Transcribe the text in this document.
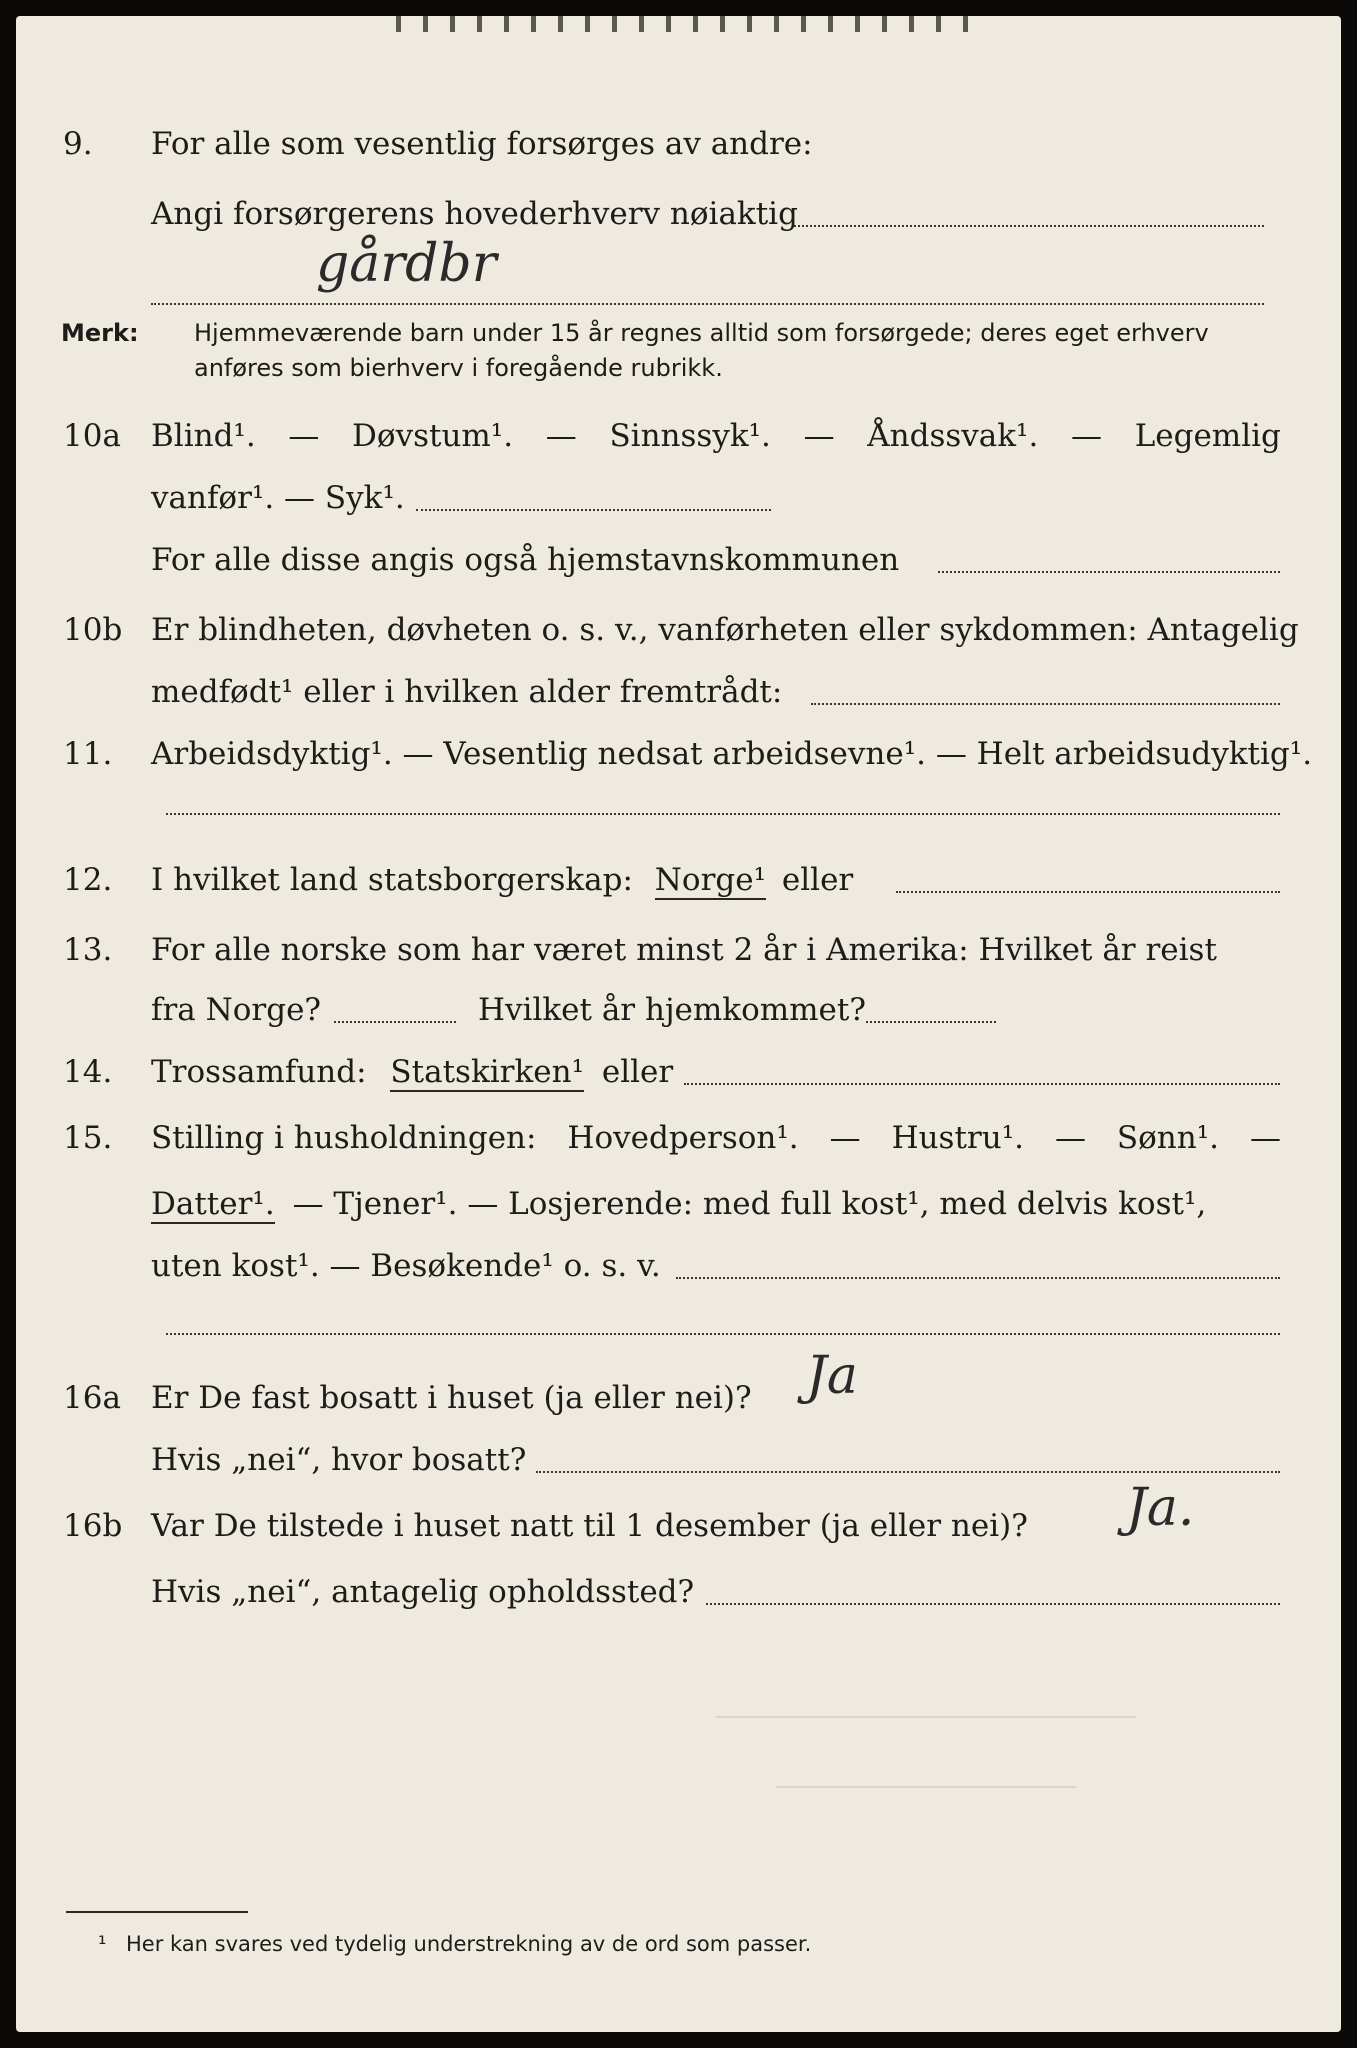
9. For alle som vesentlig forsørges av andre:
Angi forsørgerens hovederhverv nøiaktig
gårdbr
Merk: Hjemmeværende barn under 15 år regnes alltid som forsørgede; deres eget erhverv
anføres som bierhverv i foregående rubrikk.
10a Blind¹. — Døvstum¹. — Sinnssyk¹. — Åndssvak¹. — Legemlig
vanfør¹. — Syk¹.
For alle disse angis også hjemstavnskommunen
10b Er blindheten, døvheten o. s. v., vanførheten eller sykdommen: Antagelig
medfødt¹ eller i hvilken alder fremtrådt:
11. Arbeidsdyktig¹. — Vesentlig nedsat arbeidsevne¹. — Helt arbeidsudyktig¹.
12. I hvilket land statsborgerskap: Norge¹ eller
13. For alle norske som har været minst 2 år i Amerika: Hvilket år reist
fra Norge?	Hvilket år hjemkommet?
14. Trossamfund: Statskirken¹ eller
15. Stilling i husholdningen: Hovedperson¹. — Hustru¹. — Sønn¹. —
Datter¹. — Tjener¹. — Losjerende: med full kost¹, med delvis kost¹,
uten kost¹. — Besøkende¹ o. s. v.
16a Er De fast bosatt i huset (ja eller nei)? Ja
Hvis „nei“, hvor bosatt?
16b Var De tilstede i huset natt til 1 desember (ja eller nei)? Ja.
Hvis „nei“, antagelig opholdssted?
¹ Her kan svares ved tydelig understrekning av de ord som passer.
